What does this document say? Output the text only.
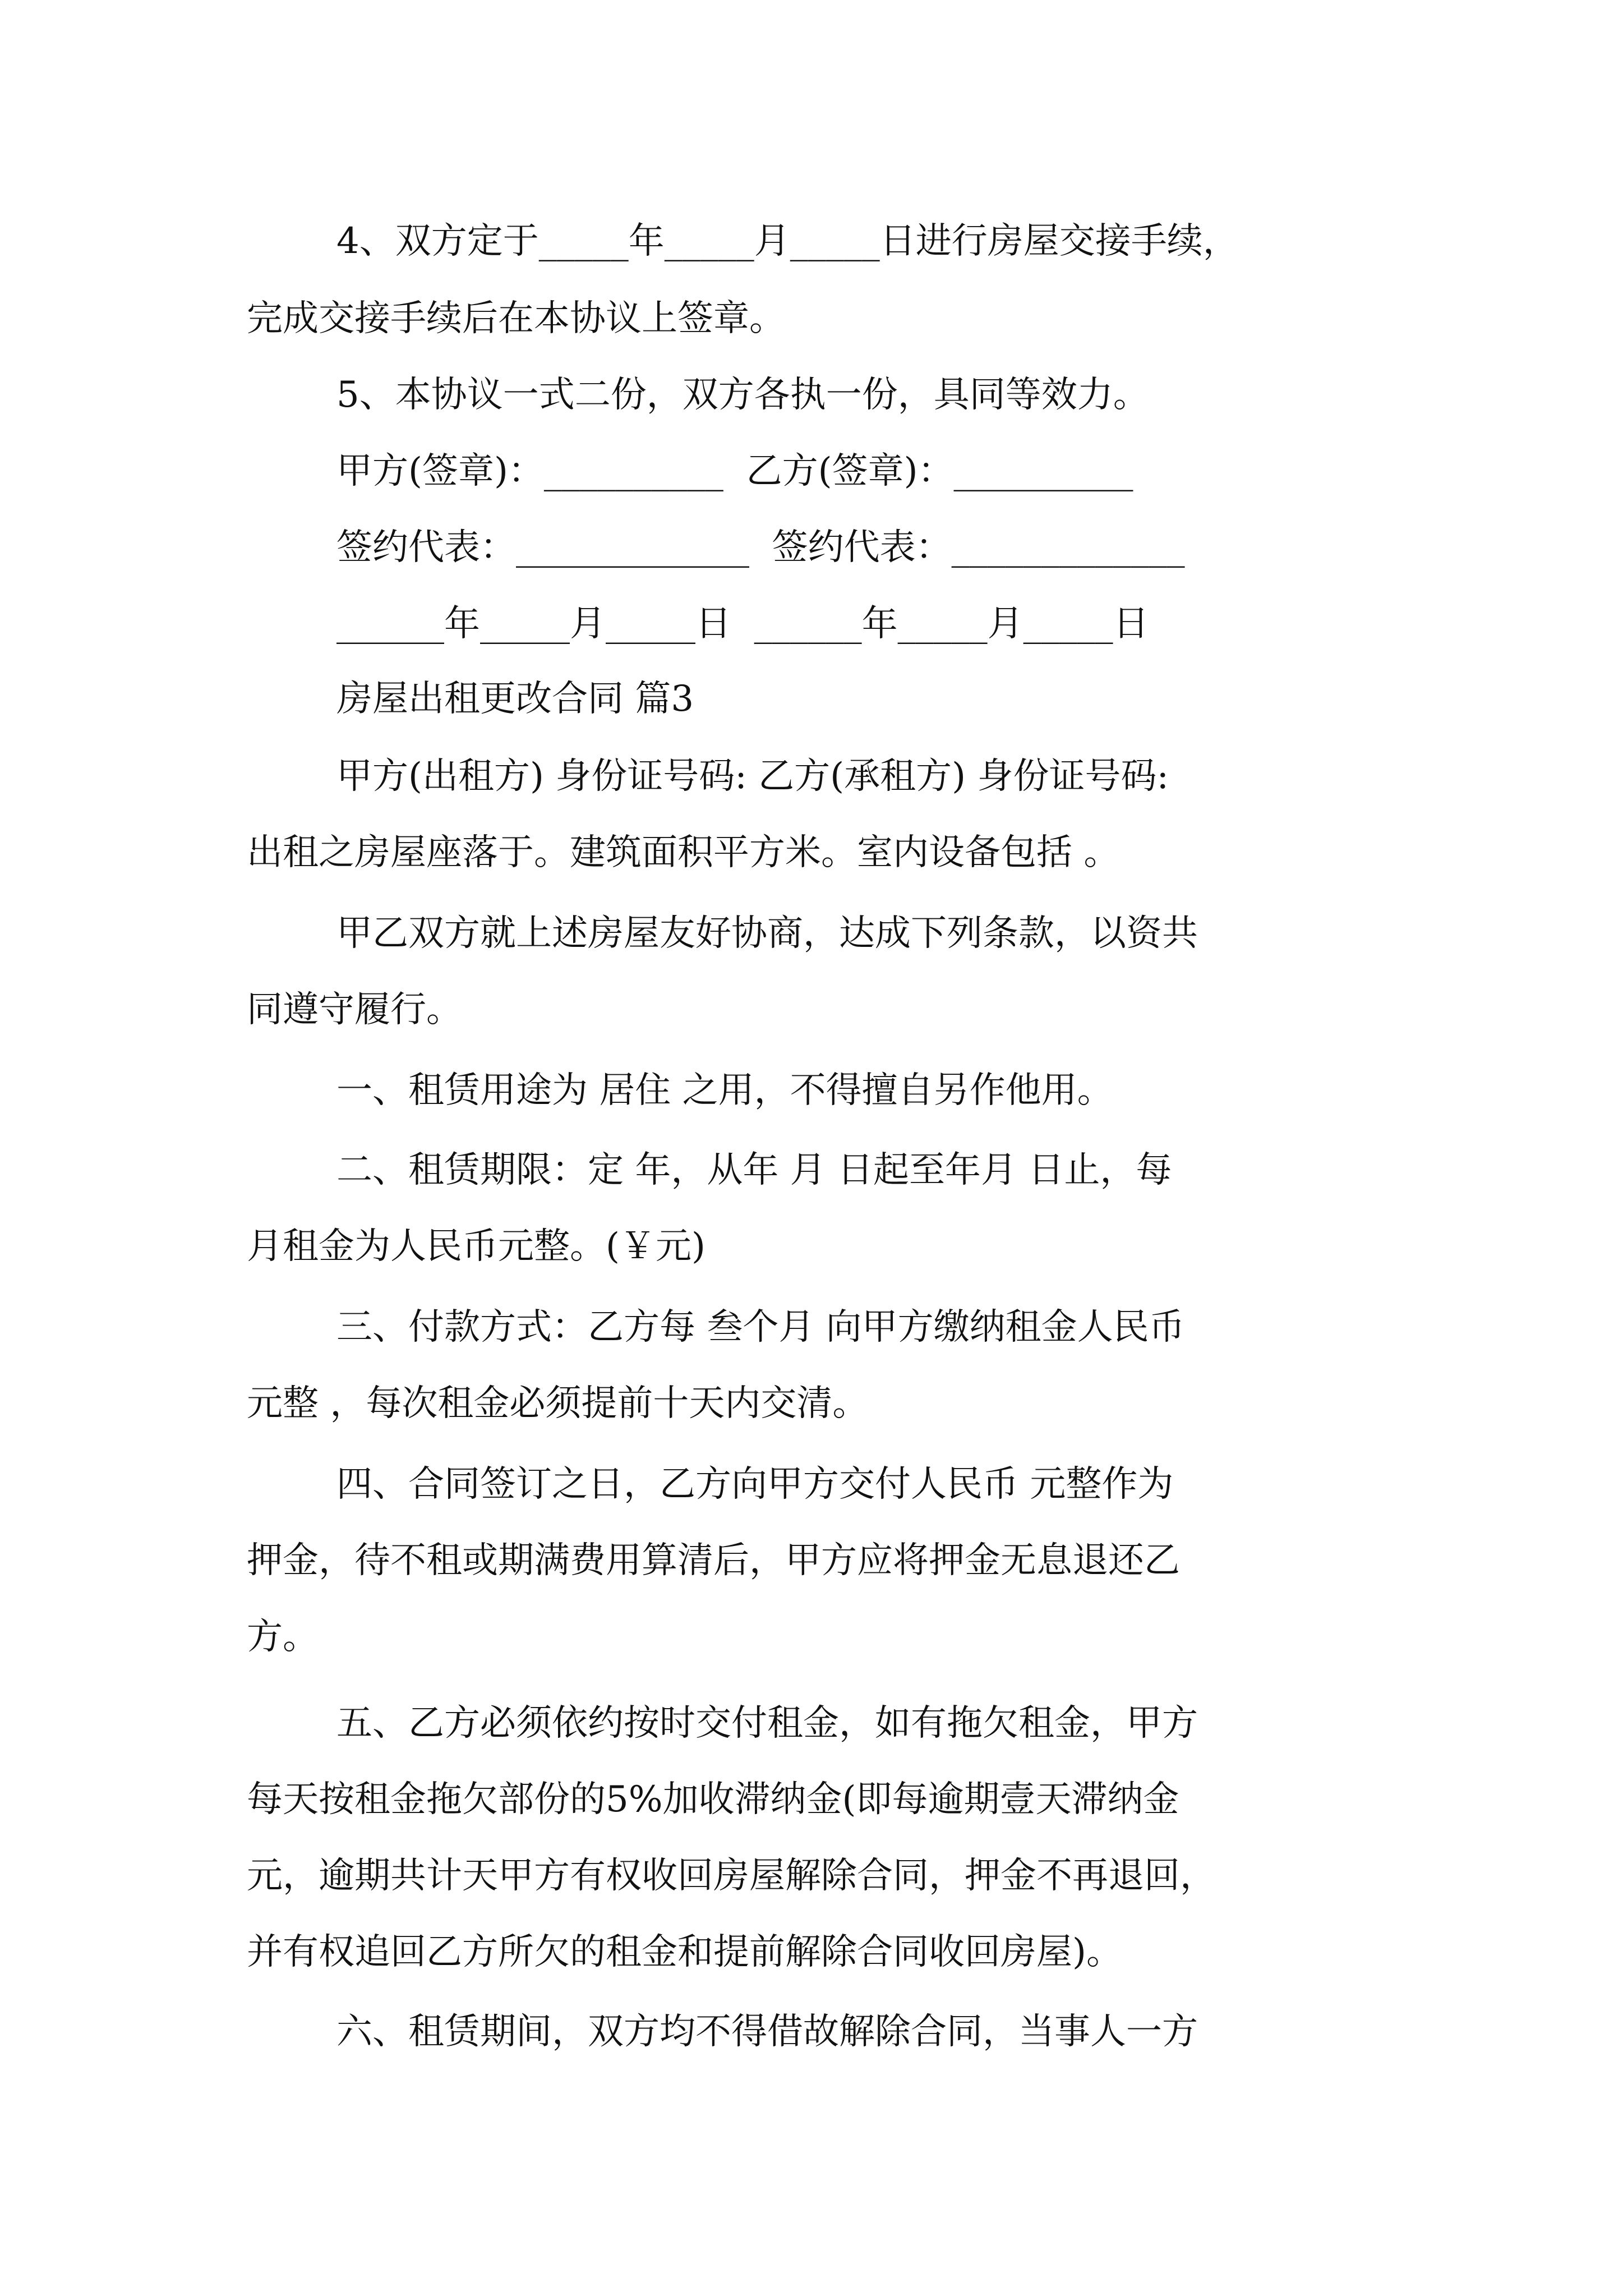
4、双方定于_____年_____月_____日进行房屋交接手续，
完成交接手续后在本协议上签章。
5、本协议一式二份，双方各执一份，具同等效力。
甲方(签章)：__________  乙方(签章)：__________
签约代表：_____________  签约代表：_____________
______年_____月_____日  ______年_____月_____日
房屋出租更改合同 篇3
甲方(出租方) 身份证号码: 乙方(承租方) 身份证号码:
出租之房屋座落于。建筑面积平方米。室内设备包括 。
甲乙双方就上述房屋友好协商，达成下列条款，以资共
同遵守履行。
一、租赁用途为 居住 之用，不得擅自另作他用。
二、租赁期限：定 年，从年 月 日起至年月 日止，每
月租金为人民币元整。(￥元)
三、付款方式：乙方每 叁个月 向甲方缴纳租金人民币
元整 ，每次租金必须提前十天内交清。
四、合同签订之日，乙方向甲方交付人民币 元整作为
押金，待不租或期满费用算清后，甲方应将押金无息退还乙
方。
五、乙方必须依约按时交付租金，如有拖欠租金，甲方
每天按租金拖欠部份的5%加收滞纳金(即每逾期壹天滞纳金
元，逾期共计天甲方有权收回房屋解除合同，押金不再退回，
并有权追回乙方所欠的租金和提前解除合同收回房屋)。
六、租赁期间，双方均不得借故解除合同，当事人一方
